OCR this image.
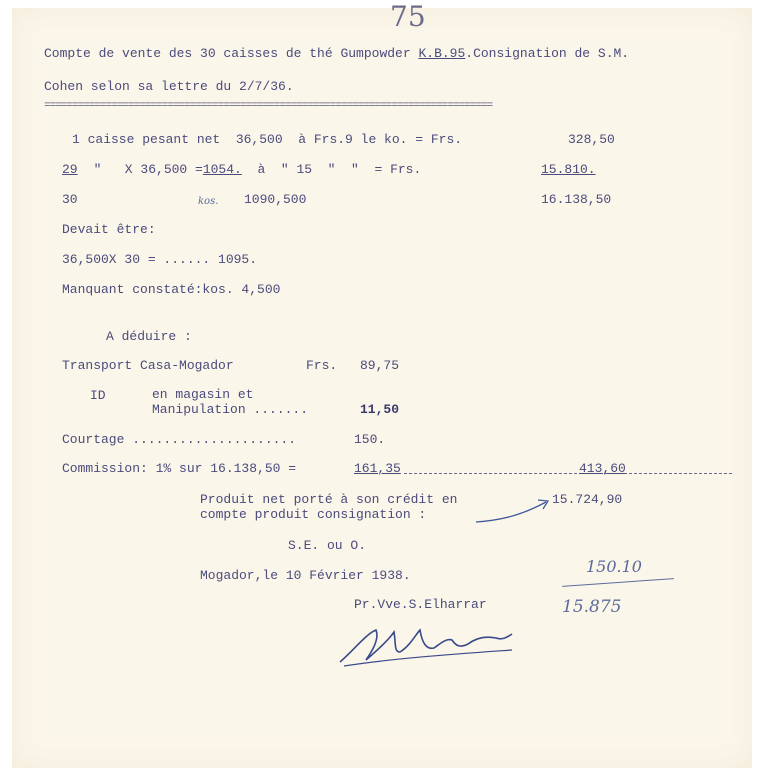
75
Compte de vente des 30 caisses de thé Gumpowder K.B.95.Consignation de S.M.
Cohen selon sa lettre du 2/7/36.
================================================================================
1 caisse pesant net  36,500  à Frs.9 le ko. = Frs.	328,50
29 "   X 36,500 =1054.  à  " 15  "  "  = Frs.	15.810.
30	kos. 1090,500	16.138,50
Devait être:
36,500X 30 = ...... 1095.
Manquant constaté:kos. 4,500
A déduire :
Transport Casa-Mogador	Frs. 89,75
ID	en magasin et
Manipulation .......	11,50
Courtage .....................	150.
Commission: 1% sur 16.138,50 =	161,35	413,60
Produit net porté à son crédit en
compte produit consignation :
15.724,90
S.E. ou O.
Mogador,le 10 Février 1938.	150.10
15.875
Pr.Vve.S.Elharrar
